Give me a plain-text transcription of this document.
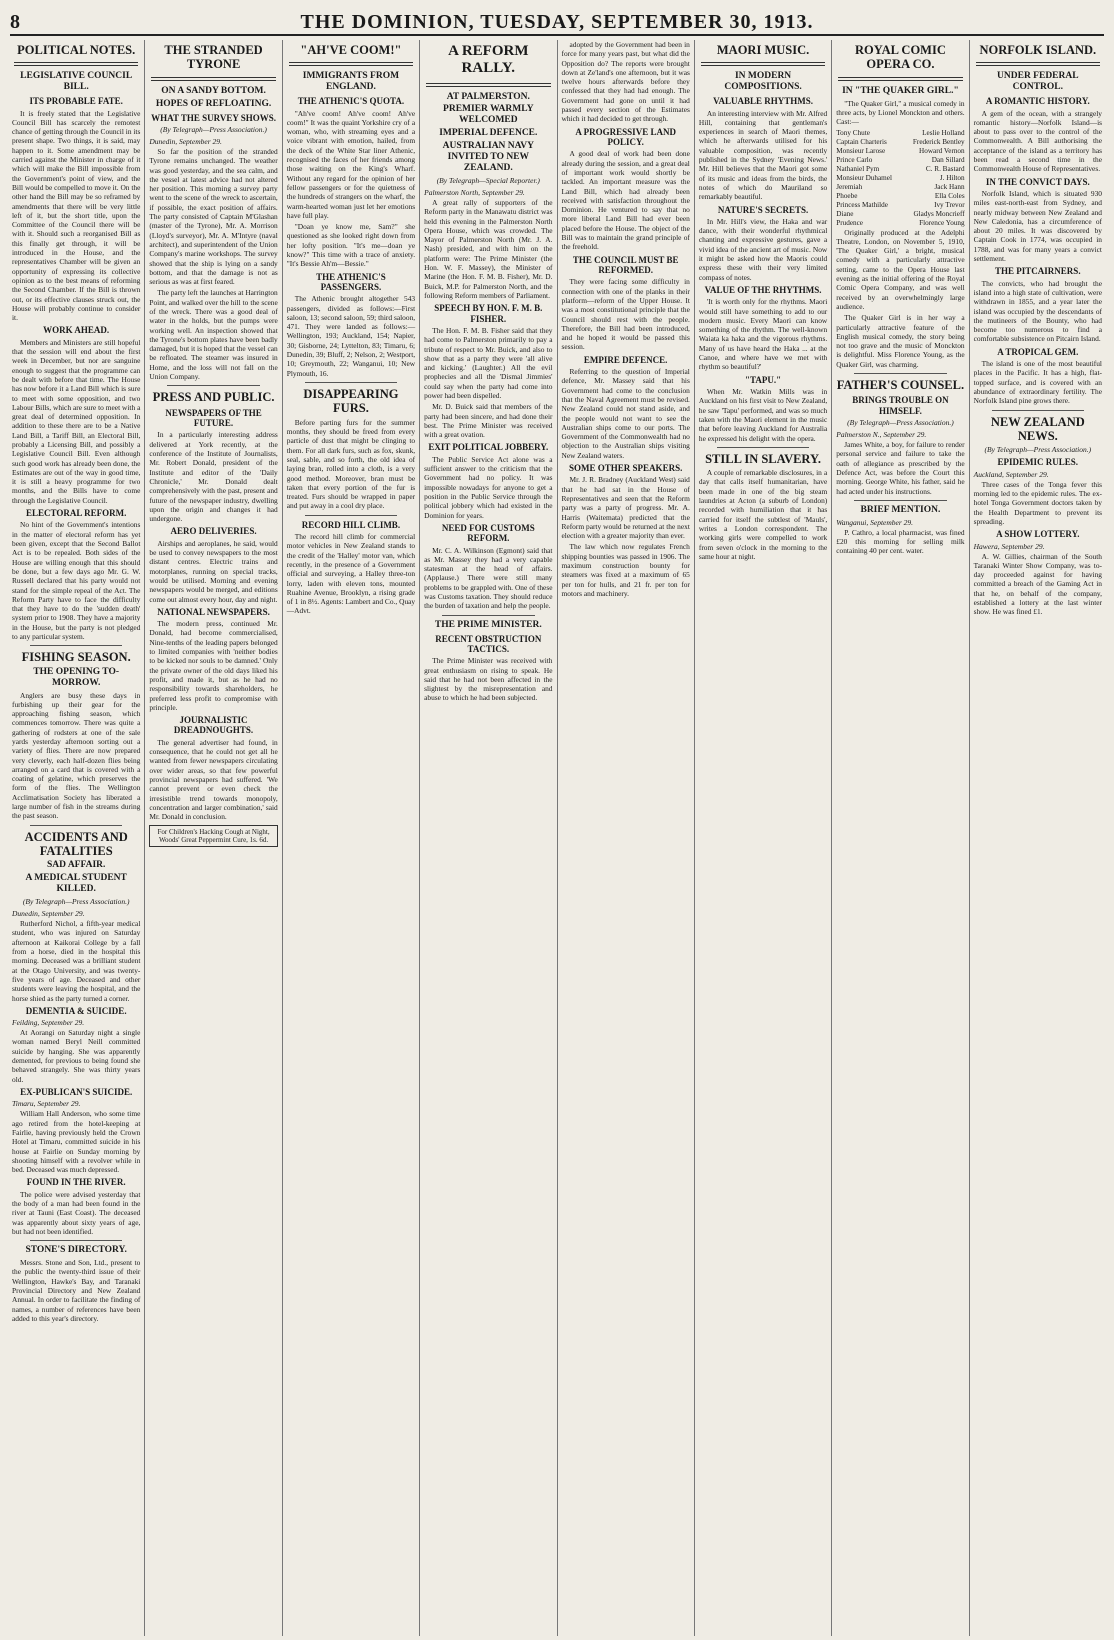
8	THE DOMINION, TUESDAY, SEPTEMBER 30, 1913.
POLITICAL NOTES.
LEGISLATIVE COUNCIL BILL.
ITS PROBABLE FATE.

It is freely stated that the Legislative Council Bill has scarcely the remotest chance of getting through the Council in its present shape. Two things, it is said, may happen to it. Some amendment may be carried against the Minister in charge of it which will make the Bill impossible from the Government's point of view, and the Bill would be compelled to move it. On the other hand the Bill may be so reframed by amendments that there will be very little left of it, but the short title, upon the Committee of the Council there will be with it. Should such a reorganised Bill as this finally get through, it will be introduced in the House, and the representatives Chamber will be given an opportunity of expressing its collective opinion as to the best means of reforming the Second Chamber. If the Bill is thrown out, or its effective clauses struck out, the House will probably continue to consider it.

WORK AHEAD.

Members and Ministers are still hopeful that the session will end about the first week in December, but nor are sanguine enough to suggest that the programme can be dealt with before that time. The House has now before it a Land Bill which is sure to meet with some opposition, and two Labour Bills, which are sure to meet with a great deal of determined opposition. In addition to these there are to be a Native Land Bill, a Tariff Bill, an Electoral Bill, probably a Licensing Bill, and possibly a Legislative Council Bill. Even although such good work has already been done, the Estimates are out of the way in good time, it is still a heavy programme for two months, and the Bills have to come through the Legislative Council.

ELECTORAL REFORM.

No hint of the Government's intentions in the matter of electoral reform has yet been given, except that the Second Ballot Act is to be repealed. Both sides of the House are willing enough that this should be done, but a few days ago Mr. G. W. Russell declared that his party would not stand for the simple repeal of the Act. The Reform Party have to face the difficulty that they have to do the 'sudden death' system prior to 1908. They have a majority in the House, but the party is not pledged to any particular system.

FISHING SEASON.
THE OPENING TO-MORROW.

Anglers are busy these days in furbishing up their gear for the approaching fishing season, which commences tomorrow. There was quite a gathering of rodsters at one of the sale yards yesterday afternoon sorting out a variety of flies. There are now prepared very cleverly, each half-dozen flies being arranged on a card that is covered with a coating of gelatine, which preserves the form of the flies. The Wellington Acclimatisation Society has liberated a large number of fish in the streams during the past season.

ACCIDENTS AND FATALITIES
SAD AFFAIR.
A MEDICAL STUDENT KILLED.
(By Telegraph—Press Association.)
Dunedin, September 29.

Rutherford Nichol, a fifth-year medical student, who was injured on Saturday afternoon at Kaikorai College by a fall from a horse, died in the hospital this morning. Deceased was a brilliant student at the Otago University, and was twenty-five years of age. Deceased and other students were leaving the hospital, and the horse shied as the party turned a corner.

DEMENTIA & SUICIDE.
Feilding, September 29.

At Aorangi on Saturday night a single woman named Beryl Neill committed suicide by hanging. She was apparently demented, for previous to being found she behaved strangely. She was thirty years old.

EX-PUBLICAN'S SUICIDE.
Timaru, September 29.

William Hall Anderson, who some time ago retired from the hotel-keeping at Fairlie, having previously held the Crown Hotel at Timaru, committed suicide in his house at Fairlie on Sunday morning by shooting himself with a revolver while in bed. Deceased was much depressed.

FOUND IN THE RIVER.

The police were advised yesterday that the body of a man had been found in the river at Tauni (East Coast). The deceased was apparently about sixty years of age, but had not been identified.

STONE'S DIRECTORY.

Messrs. Stone and Son, Ltd., present to the public the twenty-third issue of their Wellington, Hawke's Bay, and Taranaki Provincial Directory and New Zealand Annual. In order to facilitate the finding of names, a number of references have been added to this year's directory.

THE STRANDED TYRONE
ON A SANDY BOTTOM.
HOPES OF REFLOATING.
WHAT THE SURVEY SHOWS.
(By Telegraph—Press Association.)
Dunedin, September 29.

So far the position of the stranded Tyrone remains unchanged. The weather was good yesterday, and the sea calm, and the vessel at latest advice had not altered her position. This morning a survey party went to the scene of the wreck to ascertain, if possible, the exact position of affairs. The party consisted of Captain M'Glashan (master of the Tyrone), Mr. A. Morrison (Lloyd's surveyor), Mr. A. M'Intyre (naval architect), and superintendent of the Union Company's marine workshops. The survey showed that the ship is lying on a sandy bottom, and that the damage is not as serious as was at first feared.

The party left the launches at Harrington Point, and walked over the hill to the scene of the wreck. There was a good deal of water in the holds, but the pumps were working well. An inspection showed that the Tyrone's bottom plates have been badly damaged, but it is hoped that the vessel can be refloated. The steamer was insured in Home, and the loss will not fall on the Union Company.

PRESS AND PUBLIC.
NEWSPAPERS OF THE FUTURE.

In a particularly interesting address delivered at York recently, at the conference of the Institute of Journalists, Mr. Robert Donald, president of the Institute and editor of the 'Daily Chronicle,' Mr. Donald dealt comprehensively with the past, present and future of the newspaper industry, dwelling upon the origin and changes it had undergone.

AERO DELIVERIES.

Airships and aeroplanes, he said, would be used to convey newspapers to the most distant centres. Electric trains and motorplanes, running on special tracks, would be utilised. Morning and evening newspapers would be merged, and editions come out almost every hour, day and night.

NATIONAL NEWSPAPERS.

The modern press, continued Mr. Donald, had become commercialised, Nine-tenths of the leading papers belonged to limited companies with 'neither bodies to be kicked nor souls to be damned.' Only the private owner of the old days liked his profit, and made it, but as he had no responsibility towards shareholders, he preferred less profit to compromise with principle.

JOURNALISTIC DREADNOUGHTS.

The general advertiser had found, in consequence, that he could not get all he wanted from fewer newspapers circulating over wider areas, so that few powerful provincial newspapers had suffered. 'We cannot prevent or even check the irresistible trend towards monopoly, concentration and larger combination,' said Mr. Donald in conclusion.

For Children's Hacking Cough at Night, Woods' Great Peppermint Cure, 1s. 6d.
"AH'VE COOM!"
IMMIGRANTS FROM ENGLAND.
THE ATHENIC'S QUOTA.

"Ah've coom! Ah've coom! Ah've coom!" It was the quaint Yorkshire cry of a woman, who, with streaming eyes and a voice vibrant with emotion, hailed, from the deck of the White Star liner Athenic, recognised the faces of her friends among those waiting on the King's Wharf. Without any regard for the opinion of her fellow passengers or for the quietness of the hundreds of strangers on the wharf, the warm-hearted woman just let her emotions have full play.

"Doan ye know me, Sam?" she questioned as she looked right down from her lofty position. "It's me—doan ye know?" This time with a trace of anxiety. "It's Bessie Ah'm—Bessie."

THE ATHENIC'S PASSENGERS.

The Athenic brought altogether 543 passengers, divided as follows:—First saloon, 13; second saloon, 59; third saloon, 471. They were landed as follows:—Wellington, 193; Auckland, 154; Napier, 30; Gisborne, 24; Lyttelton, 83; Timaru, 6; Dunedin, 39; Bluff, 2; Nelson, 2; Westport, 10; Greymouth, 22; Wanganui, 10; New Plymouth, 16.

DISAPPEARING FURS.

Before parting furs for the summer months, they should be freed from every particle of dust that might be clinging to them. For all dark furs, such as fox, skunk, seal, sable, and so forth, the old idea of laying bran, rolled into a cloth, is a very good method. Moreover, bran must be taken that every portion of the fur is treated. Furs should be wrapped in paper and put away in a cool dry place.

RECORD HILL CLIMB.

The record hill climb for commercial motor vehicles in New Zealand stands to the credit of the 'Halley' motor van, which recently, in the presence of a Government official and surveying, a Halley three-ton lorry, laden with eleven tons, mounted Ruahine Avenue, Brooklyn, a rising grade of 1 in 8½. Agents: Lambert and Co., Quay—Advt.

A REFORM RALLY.
AT PALMERSTON.
PREMIER WARMLY WELCOMED
IMPERIAL DEFENCE.
AUSTRALIAN NAVY INVITED TO NEW ZEALAND.
(By Telegraph—Special Reporter.)
Palmerston North, September 29.

A great rally of supporters of the Reform party in the Manawatu district was held this evening in the Palmerston North Opera House, which was crowded. The Mayor of Palmerston North (Mr. J. A. Nash) presided, and with him on the platform were: The Prime Minister (the Hon. W. F. Massey), the Minister of Marine (the Hon. F. M. B. Fisher), Mr. D. Buick, M.P. for Palmerston North, and the following Reform members of Parliament.

SPEECH BY HON. F. M. B. FISHER.

The Hon. F. M. B. Fisher said that they had come to Palmerston primarily to pay a tribute of respect to Mr. Buick, and also to show that as a party they were 'all alive and kicking.' (Laughter.) All the evil prophecies and all the 'Dismal Jimmies' could say when the party had come into power had been dispelled.

Mr. D. Buick said that members of the party had been sincere, and had done their best. The Prime Minister was received with a great ovation.

EXIT POLITICAL JOBBERY.

The Public Service Act alone was a sufficient answer to the criticism that the Government had no policy. It was impossible nowadays for anyone to get a position in the Public Service through the political jobbery which had existed in the Dominion for years.

NEED FOR CUSTOMS REFORM.

Mr. C. A. Wilkinson (Egmont) said that as Mr. Massey they had a very capable statesman at the head of affairs. (Applause.) There were still many problems to be grappled with. One of these was Customs taxation. They should reduce the burden of taxation and help the people.

THE PRIME MINISTER.
RECENT OBSTRUCTION TACTICS.

The Prime Minister was received with great enthusiasm on rising to speak. He said that he had not been affected in the slightest by the misrepresentation and abuse to which he had been subjected.

adopted by the Government had been in force for many years past, but what did the Opposition do? The reports were brought down at Ze'land's one afternoon, but it was twelve hours afterwards before they confessed that they had had enough. The Government had gone on until it had passed every section of the Estimates which it had decided to get through.

A PROGRESSIVE LAND POLICY.

A good deal of work had been done already during the session, and a great deal of important work would shortly be tackled. An important measure was the Land Bill, which had already been received with satisfaction throughout the Dominion. He ventured to say that no more liberal Land Bill had ever been placed before the House. The object of the Bill was to maintain the grand principle of the freehold.

THE COUNCIL MUST BE REFORMED.

They were facing some difficulty in connection with one of the planks in their platform—reform of the Upper House. It was a most constitutional principle that the Council should rest with the people. Therefore, the Bill had been introduced, and he hoped it would be passed this session.

EMPIRE DEFENCE.

Referring to the question of Imperial defence, Mr. Massey said that his Government had come to the conclusion that the Naval Agreement must be revised. New Zealand could not stand aside, and the people would not want to see the Australian ships come to our ports. The Government of the Commonwealth had no objection to the Australian ships visiting New Zealand waters.

SOME OTHER SPEAKERS.

Mr. J. R. Bradney (Auckland West) said that he had sat in the House of Representatives and seen that the Reform party was a party of progress. Mr. A. Harris (Waitemata) predicted that the Reform party would be returned at the next election with a greater majority than ever.

The law which now regulates French shipping bounties was passed in 1906. The maximum construction bounty for steamers was fixed at a maximum of 65 per ton for hulls, and 21 fr. per ton for motors and machinery.

MAORI MUSIC.
IN MODERN COMPOSITIONS.
VALUABLE RHYTHMS.

An interesting interview with Mr. Alfred Hill, containing that gentleman's experiences in search of Maori themes, which he afterwards utilised for his valuable composition, was recently published in the Sydney 'Evening News.' Mr. Hill believes that the Maori got some of its music and ideas from the birds, the notes of which do Mauriland so remarkably beautiful.

NATURE'S SECRETS.

In Mr. Hill's view, the Haka and war dance, with their wonderful rhythmical chanting and expressive gestures, gave a vivid idea of the ancient art of music. Now it might be asked how the Maoris could express these with their very limited compass of notes.

VALUE OF THE RHYTHMS.

'It is worth only for the rhythms. Maori would still have something to add to our modern music. Every Maori can know something of the rhythm. The well-known Waiata ka haka and the vigorous rhythms. Many of us have heard the Haka ... at the Canoe, and where have we met with rhythm so beautiful?'

"TAPU."

When Mr. Watkin Mills was in Auckland on his first visit to New Zealand, he saw 'Tapu' performed, and was so much taken with the Maori element in the music that before leaving Auckland for Australia he expressed his delight with the opera.

STILL IN SLAVERY.

A couple of remarkable disclosures, in a day that calls itself humanitarian, have been made in one of the big steam laundries at Acton (a suburb of London) recorded with humiliation that it has carried for itself the subtlest of 'Mauls', writes a London correspondent. The working girls were compelled to work from seven o'clock in the morning to the same hour at night.

ROYAL COMIC OPERA CO.
IN "THE QUAKER GIRL."

"The Quaker Girl," a musical comedy in three acts, by Lionel Monckton and others. Cast:—

Tony Chute	Leslie Holland
Captain Charteris	Frederick Bentley
Monsieur Larose	Howard Vernon
Prince Carlo	Dan Sillard
Nathaniel Pym	C. R. Bastard
Monsieur Duhamel	J. Hilton
Jeremiah	Jack Hann
Phoebe	Ella Coles
Princess Mathilde	Ivy Trevor
Diane	Gladys Moncrieff
Prudence	Florence Young

Originally produced at the Adelphi Theatre, London, on November 5, 1910, 'The Quaker Girl,' a bright, musical comedy with a particularly attractive setting, came to the Opera House last evening as the initial offering of the Royal Comic Opera Company, and was well received by an overwhelmingly large audience.

The Quaker Girl is in her way a particularly attractive feature of the English musical comedy, the story being not too grave and the music of Monckton is delightful. Miss Florence Young, as the Quaker Girl, was charming.

FATHER'S COUNSEL.
BRINGS TROUBLE ON HIMSELF.
(By Telegraph—Press Association.)
Palmerston N., September 29.

James White, a boy, for failure to render personal service and failure to take the oath of allegiance as prescribed by the Defence Act, was before the Court this morning. George White, his father, said he had acted under his instructions.

BRIEF MENTION.
Wanganui, September 29.

P. Cathro, a local pharmacist, was fined £20 this morning for selling milk containing 40 per cent. water.

NORFOLK ISLAND.
UNDER FEDERAL CONTROL.
A ROMANTIC HISTORY.

A gem of the ocean, with a strangely romantic history—Norfolk Island—is about to pass over to the control of the Commonwealth. A Bill authorising the acceptance of the island as a territory has been read a second time in the Commonwealth House of Representatives.

IN THE CONVICT DAYS.

Norfolk Island, which is situated 930 miles east-north-east from Sydney, and nearly midway between New Zealand and New Caledonia, has a circumference of about 20 miles. It was discovered by Captain Cook in 1774, was occupied in 1788, and was for many years a convict settlement.

THE PITCAIRNERS.

The convicts, who had brought the island into a high state of cultivation, were withdrawn in 1855, and a year later the island was occupied by the descendants of the mutineers of the Bounty, who had become too numerous to find a comfortable subsistence on Pitcairn Island.

A TROPICAL GEM.

The island is one of the most beautiful places in the Pacific. It has a high, flat-topped surface, and is covered with an abundance of extraordinary fertility. The Norfolk Island pine grows there.

NEW ZEALAND NEWS.
(By Telegraph—Press Association.)
EPIDEMIC RULES.
Auckland, September 29.

Three cases of the Tonga fever this morning led to the epidemic rules. The ex-hotel Tonga Government doctors taken by the Health Department to prevent its spreading.

A SHOW LOTTERY.
Hawera, September 29.

A. W. Gillies, chairman of the South Taranaki Winter Show Company, was to-day proceeded against for having committed a breach of the Gaming Act in that he, on behalf of the company, established a lottery at the last winter show. He was fined £1.
